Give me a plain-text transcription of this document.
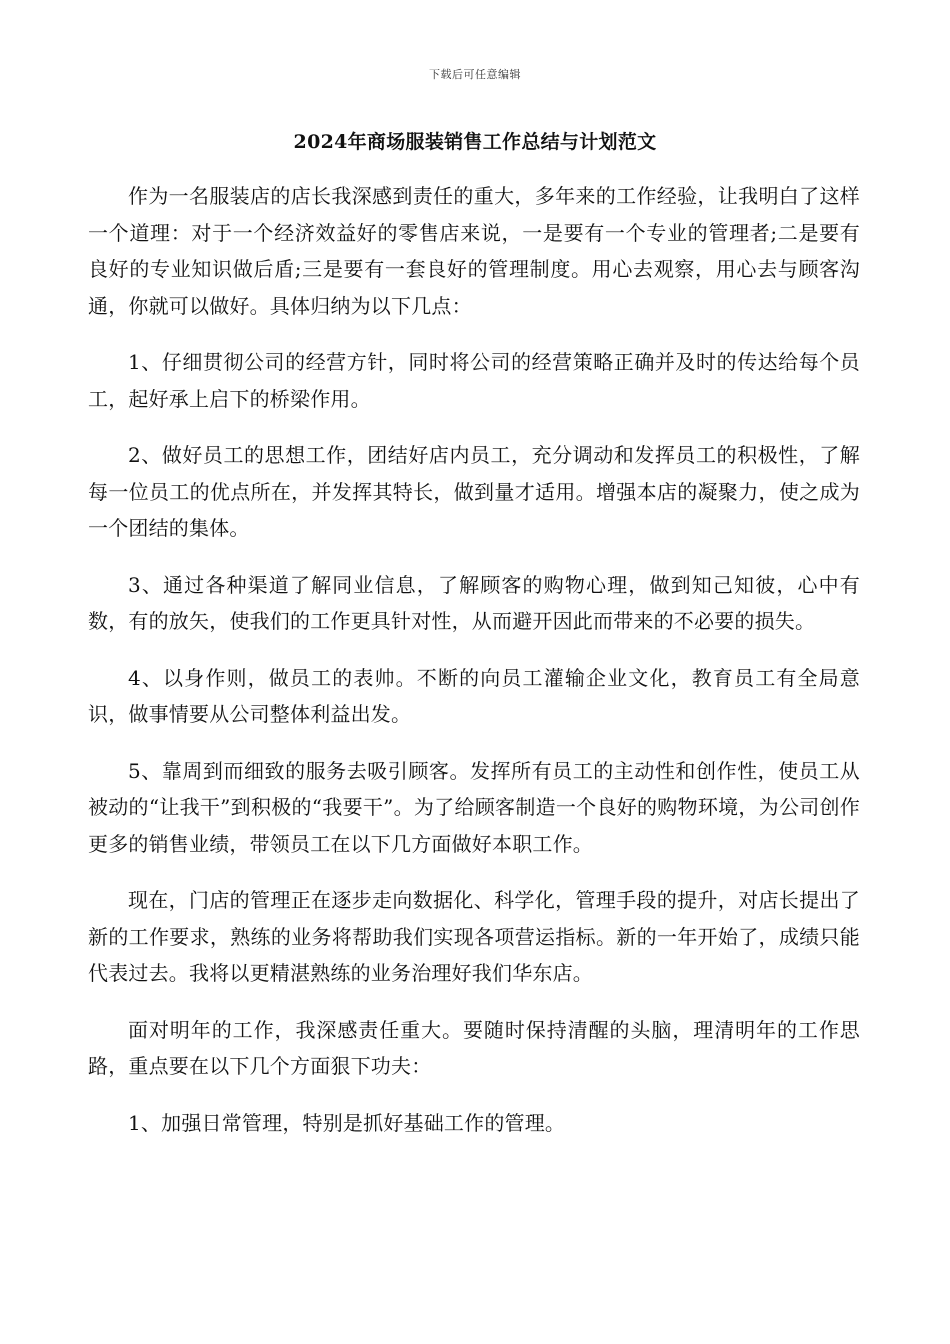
下载后可任意编辑
2024年商场服装销售工作总结与计划范文

作为一名服装店的店长我深感到责任的重大，多年来的工作经验，让我明白了这样一个道理：对于一个经济效益好的零售店来说，一是要有一个专业的管理者;二是要有良好的专业知识做后盾;三是要有一套良好的管理制度。用心去观察，用心去与顾客沟通，你就可以做好。具体归纳为以下几点：

1、仔细贯彻公司的经营方针，同时将公司的经营策略正确并及时的传达给每个员工，起好承上启下的桥梁作用。

2、做好员工的思想工作，团结好店内员工，充分调动和发挥员工的积极性，了解每一位员工的优点所在，并发挥其特长，做到量才适用。增强本店的凝聚力，使之成为一个团结的集体。

3、通过各种渠道了解同业信息，了解顾客的购物心理，做到知己知彼，心中有数，有的放矢，使我们的工作更具针对性，从而避开因此而带来的不必要的损失。

4、以身作则，做员工的表帅。不断的向员工灌输企业文化，教育员工有全局意识，做事情要从公司整体利益出发。

5、靠周到而细致的服务去吸引顾客。发挥所有员工的主动性和创作性，使员工从被动的“让我干”到积极的“我要干”。为了给顾客制造一个良好的购物环境，为公司创作更多的销售业绩，带领员工在以下几方面做好本职工作。

现在，门店的管理正在逐步走向数据化、科学化，管理手段的提升，对店长提出了新的工作要求，熟练的业务将帮助我们实现各项营运指标。新的一年开始了，成绩只能代表过去。我将以更精湛熟练的业务治理好我们华东店。

面对明年的工作，我深感责任重大。要随时保持清醒的头脑，理清明年的工作思路，重点要在以下几个方面狠下功夫：

1、加强日常管理，特别是抓好基础工作的管理。
